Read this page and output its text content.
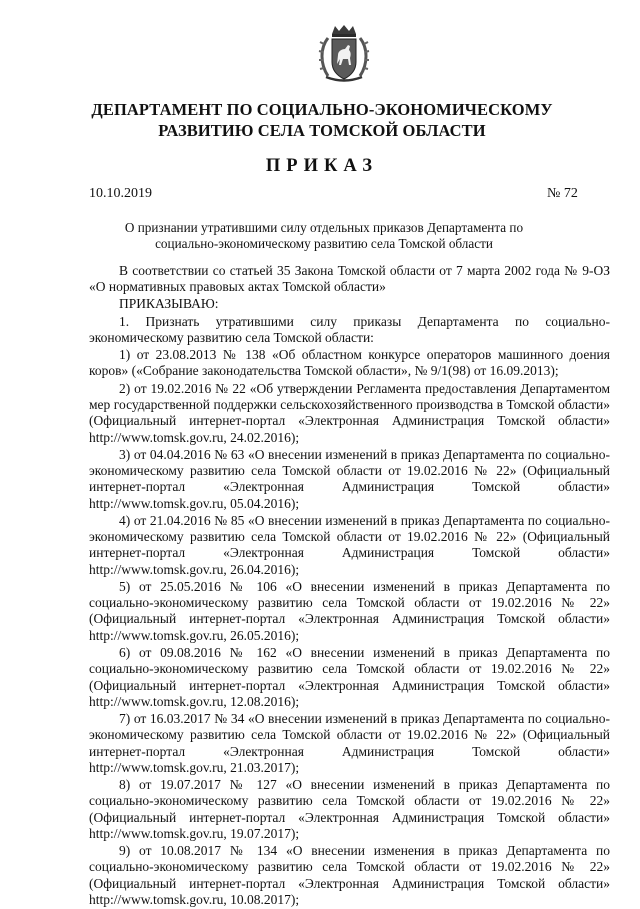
ДЕПАРТАМЕНТ ПО СОЦИАЛЬНО-ЭКОНОМИЧЕСКОМУ РАЗВИТИЮ СЕЛА ТОМСКОЙ ОБЛАСТИ
ПРИКАЗ
10.10.2019	№ 72

О признании утратившими силу отдельных приказов Департамента по социально-экономическому развитию села Томской области

В соответствии со статьей 35 Закона Томской области от 7 марта 2002 года № 9-ОЗ «О нормативных правовых актах Томской области»

ПРИКАЗЫВАЮ:

1. Признать утратившими силу приказы Департамента по социально-экономическому развитию села Томской области:

1) от 23.08.2013 № 138 «Об областном конкурсе операторов машинного доения коров» («Собрание законодательства Томской области», № 9/1(98) от 16.09.2013);

2) от 19.02.2016 № 22 «Об утверждении Регламента предоставления Департаментом мер государственной поддержки сельскохозяйственного производства в Томской области» (Официальный интернет-портал «Электронная Администрация Томской области» http://www.tomsk.gov.ru, 24.02.2016);

3) от 04.04.2016 № 63 «О внесении изменений в приказ Департамента по социально-экономическому развитию села Томской области от 19.02.2016 № 22» (Официальный интернет-портал «Электронная Администрация Томской области» http://www.tomsk.gov.ru, 05.04.2016);

4) от 21.04.2016 № 85 «О внесении изменений в приказ Департамента по социально-экономическому развитию села Томской области от 19.02.2016 № 22» (Официальный интернет-портал «Электронная Администрация Томской области» http://www.tomsk.gov.ru, 26.04.2016);

5) от 25.05.2016 № 106 «О внесении изменений в приказ Департамента по социально-экономическому развитию села Томской области от 19.02.2016 № 22» (Официальный интернет-портал «Электронная Администрация Томской области» http://www.tomsk.gov.ru, 26.05.2016);

6) от 09.08.2016 № 162 «О внесении изменений в приказ Департамента по социально-экономическому развитию села Томской области от 19.02.2016 № 22» (Официальный интернет-портал «Электронная Администрация Томской области» http://www.tomsk.gov.ru, 12.08.2016);

7) от 16.03.2017 № 34 «О внесении изменений в приказ Департамента по социально-экономическому развитию села Томской области от 19.02.2016 № 22» (Официальный интернет-портал «Электронная Администрация Томской области» http://www.tomsk.gov.ru, 21.03.2017);

8) от 19.07.2017 № 127 «О внесении изменений в приказ Департамента по социально-экономическому развитию села Томской области от 19.02.2016 № 22» (Официальный интернет-портал «Электронная Администрация Томской области» http://www.tomsk.gov.ru, 19.07.2017);

9) от 10.08.2017 № 134 «О внесении изменения в приказ Департамента по социально-экономическому развитию села Томской области от 19.02.2016 № 22» (Официальный интернет-портал «Электронная Администрация Томской области» http://www.tomsk.gov.ru, 10.08.2017);
